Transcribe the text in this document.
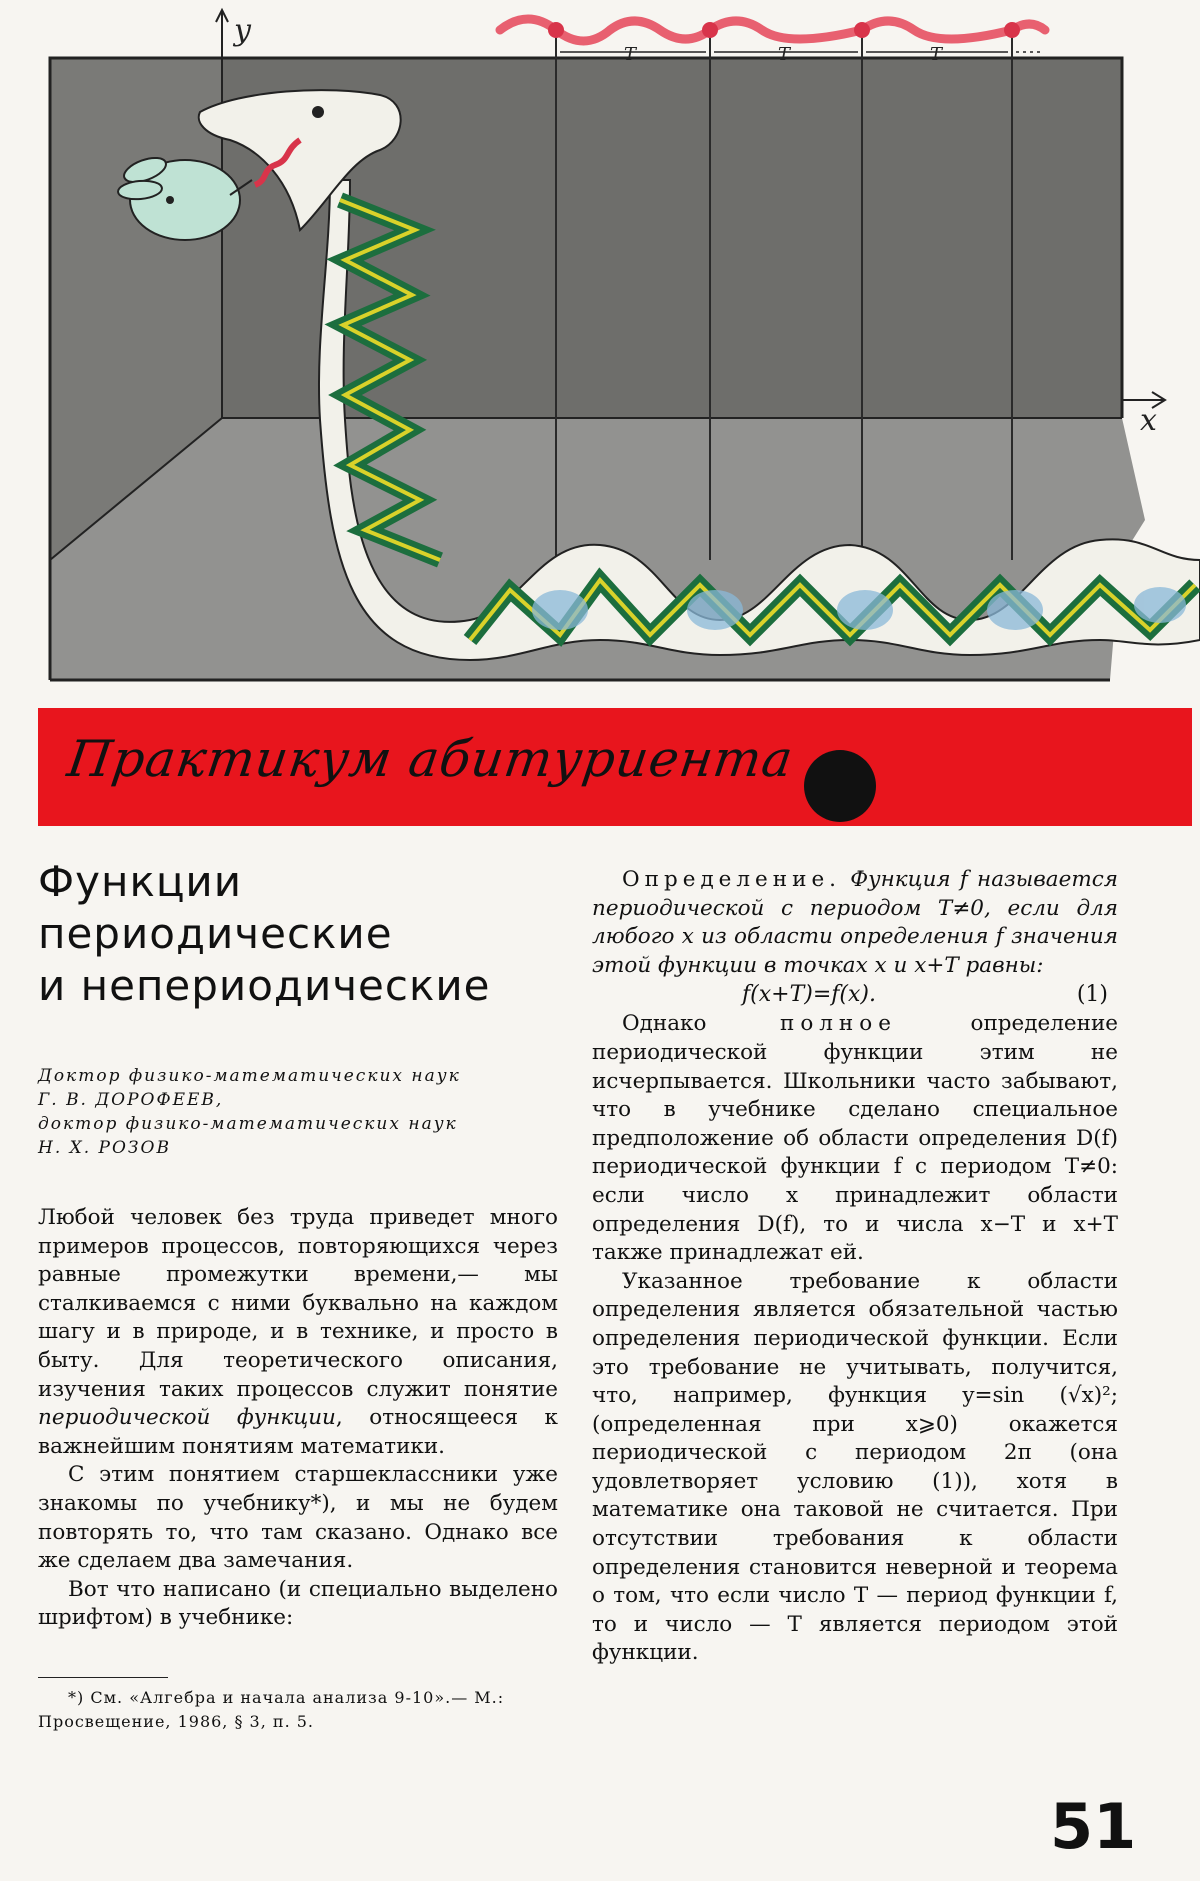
y
x
T	T	T
Практикум абитуриента
Функции
периодические
и непериодические
Доктор физико-математических наук
Г. В. ДОРОФЕЕВ,
доктор физико-математических наук
Н. Х. РОЗОВ

Любой человек без труда приведет много примеров процессов, повторяющихся через равные промежутки времени,— мы сталкиваемся с ними буквально на каждом шагу и в природе, и в технике, и просто в быту. Для теоретического описания, изучения таких процессов служит понятие периодической функции, относящееся к важнейшим понятиям математики.

С этим понятием старшеклассники уже знакомы по учебнику*), и мы не будем повторять то, что там сказано. Однако все же сделаем два замечания.

Вот что написано (и специально выделено шрифтом) в учебнике:

*) См. «Алгебра и начала анализа 9-10».— М.: Просвещение, 1986, § 3, п. 5.

Определение. Функция f называется периодической с периодом T≠0, если для любого x из области определения f значения этой функции в точках x и x+T равны:

f(x+T)=f(x).	(1)

Однако полное определение периодической функции этим не исчерпывается. Школьники часто забывают, что в учебнике сделано специальное предположение об области определения D(f) периодической функции f с периодом T≠0: если число x принадлежит области определения D(f), то и числа x−T и x+T также принадлежат ей.

Указанное требование к области определения является обязательной частью определения периодической функции. Если это требование не учитывать, получится, что, например, функция y=sin (√x)²; (определенная при x⩾0) окажется периодической с периодом 2π (она удовлетворяет условию (1)), хотя в математике она таковой не считается. При отсутствии требования к области определения становится неверной и теорема о том, что если число T — период функции f, то и число — T является периодом этой функции.

51
